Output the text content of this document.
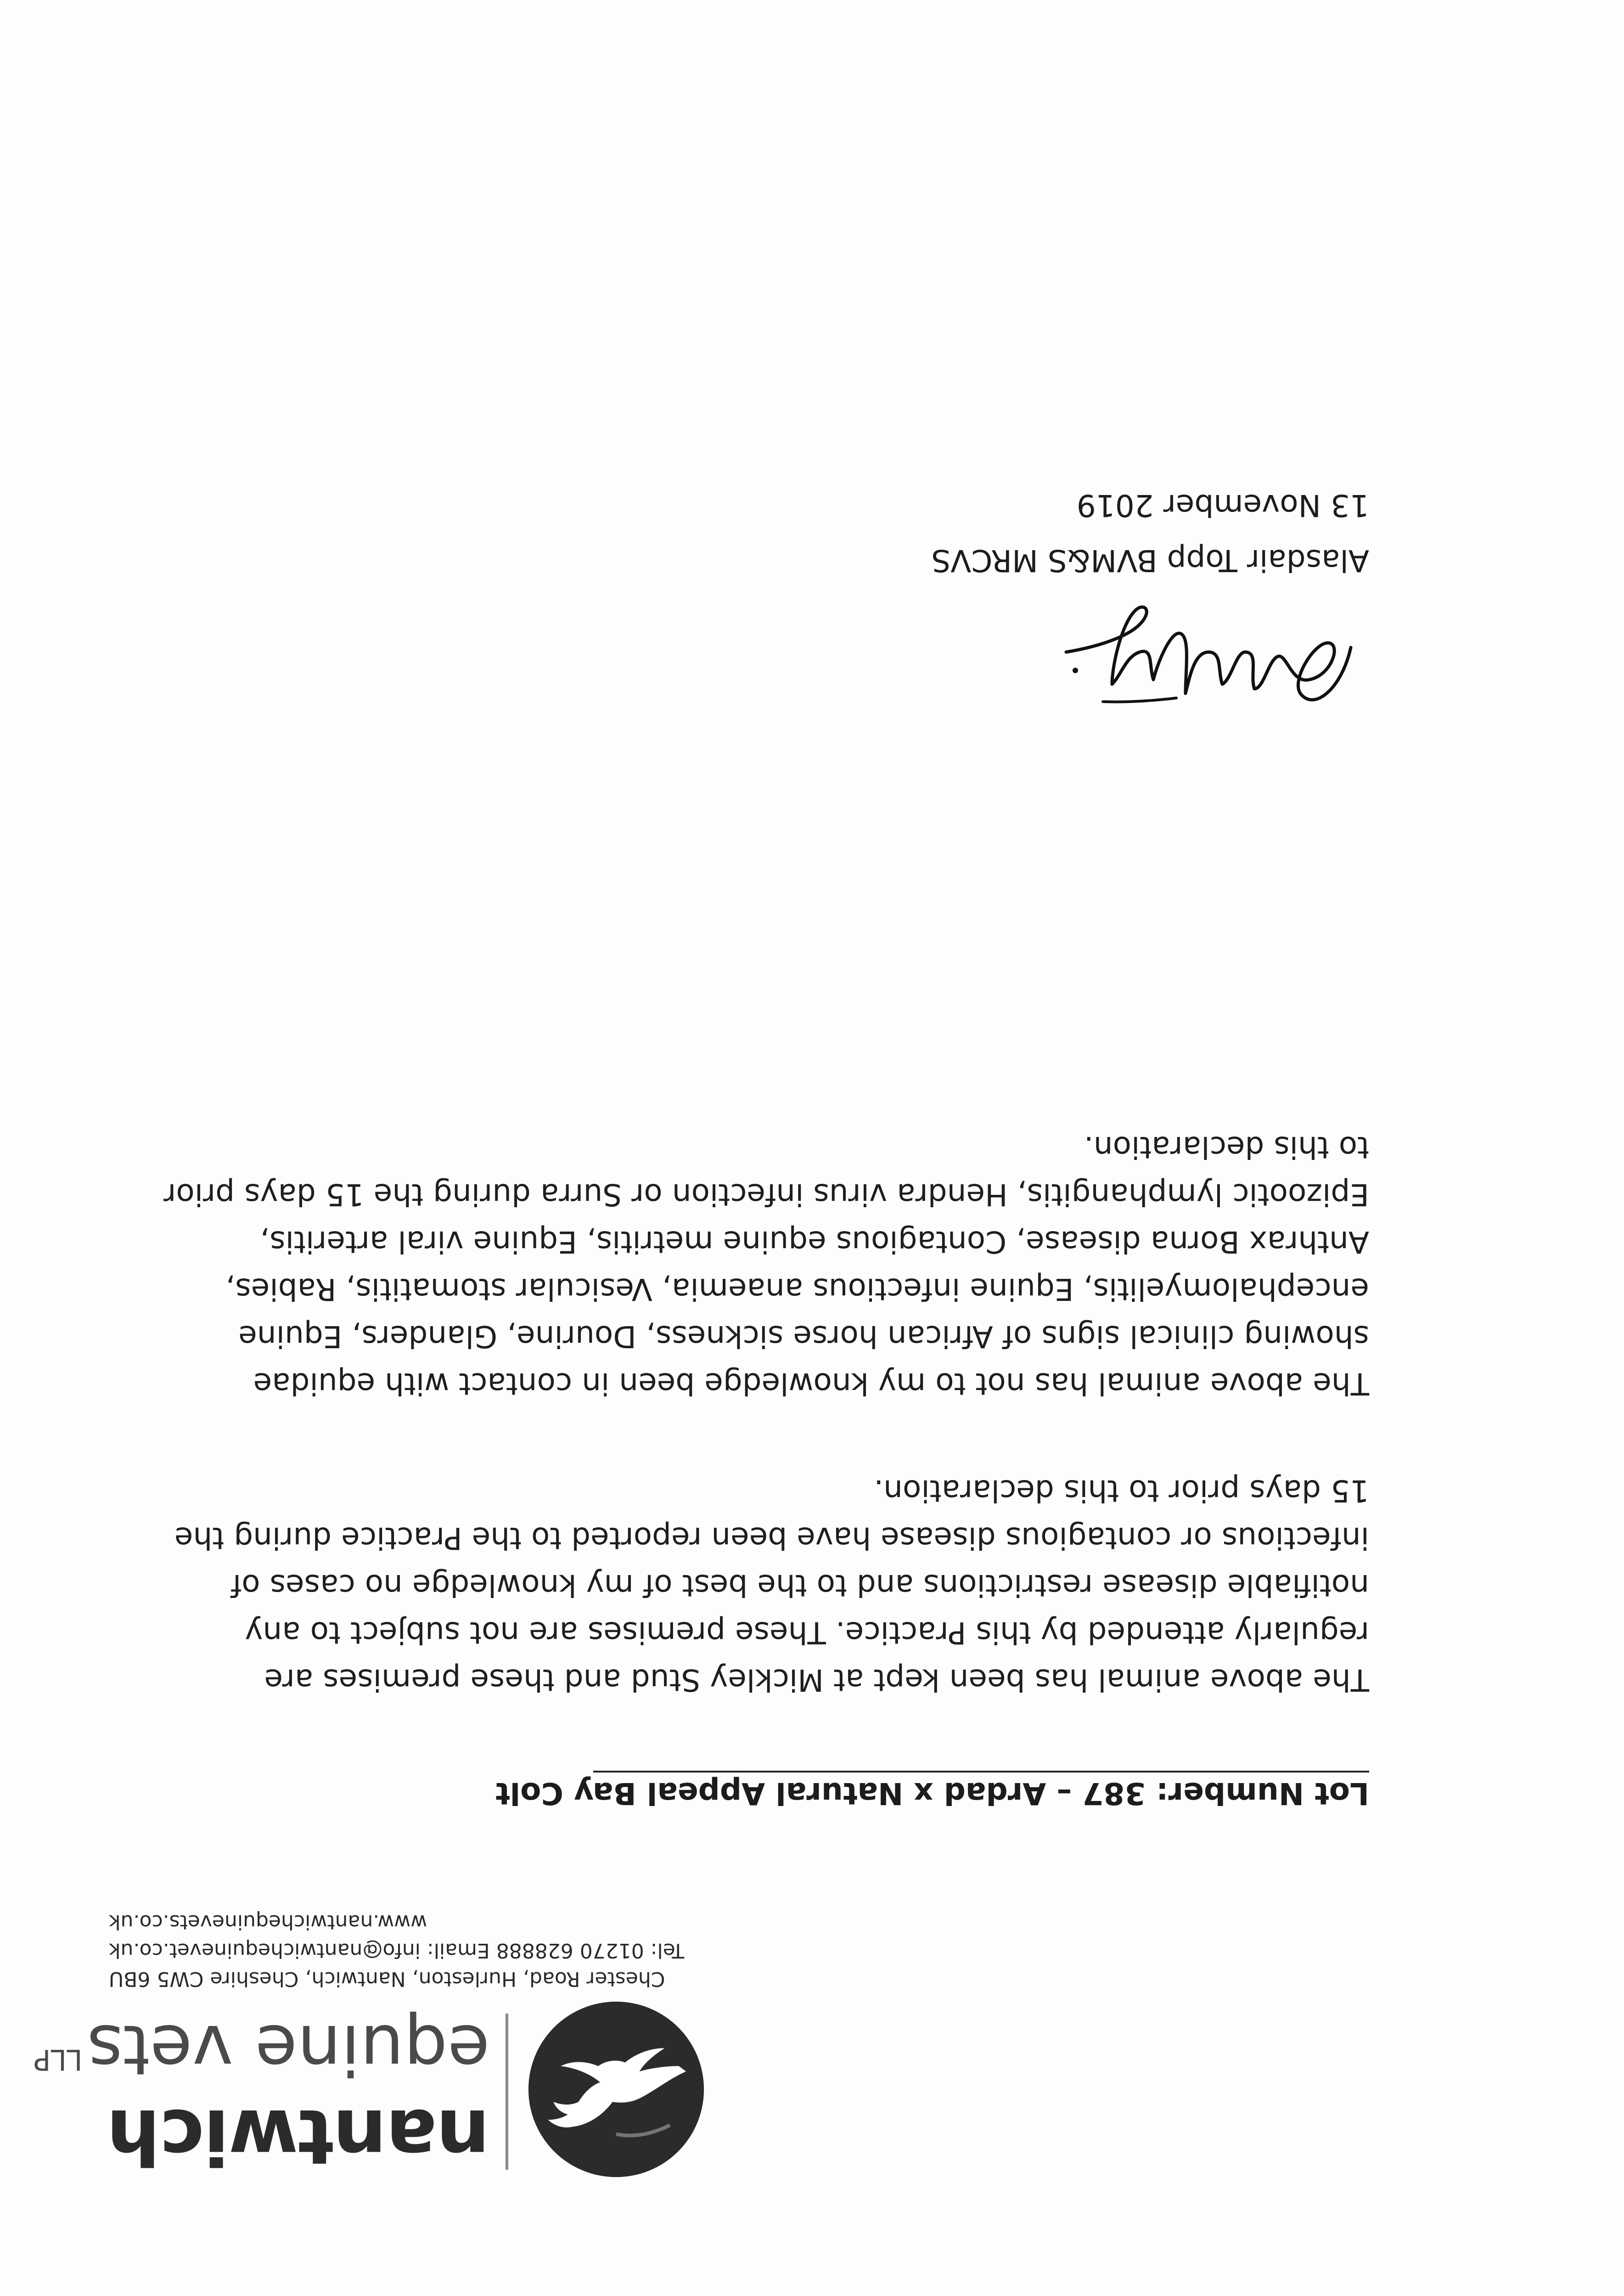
nantwich
equine vets$^{LLP}$
Chester Road, Hurleston, Nantwich, Cheshire CW5 6BU
Tel: 01270 628888 Email: info@nantwichequinevet.co.uk
www.nantwichequinevets.co.uk
Lot Number: 387 – Ardad x Natural Appeal Bay Colt
The above animal has been kept at Mickley Stud and these premises are
regularly attended by this Practice. These premises are not subject to any
notifiable disease restrictions and to the best of my knowledge no cases of
infectious or contagious disease have been reported to the Practice during the
15 days prior to this declaration.
The above animal has not to my knowledge been in contact with equidae
showing clinical signs of African horse sickness, Dourine, Glanders, Equine
encephalomyelitis, Equine infectious anaemia, Vesicular stomatitis, Rabies,
Anthrax Borna disease, Contagious equine metritis, Equine viral arteritis,
Epizootic lymphangitis, Hendra virus infection or Surra during the 15 days prior
to this declaration.
Alasdair Topp BVM&S MRCVS
13 November 2019
